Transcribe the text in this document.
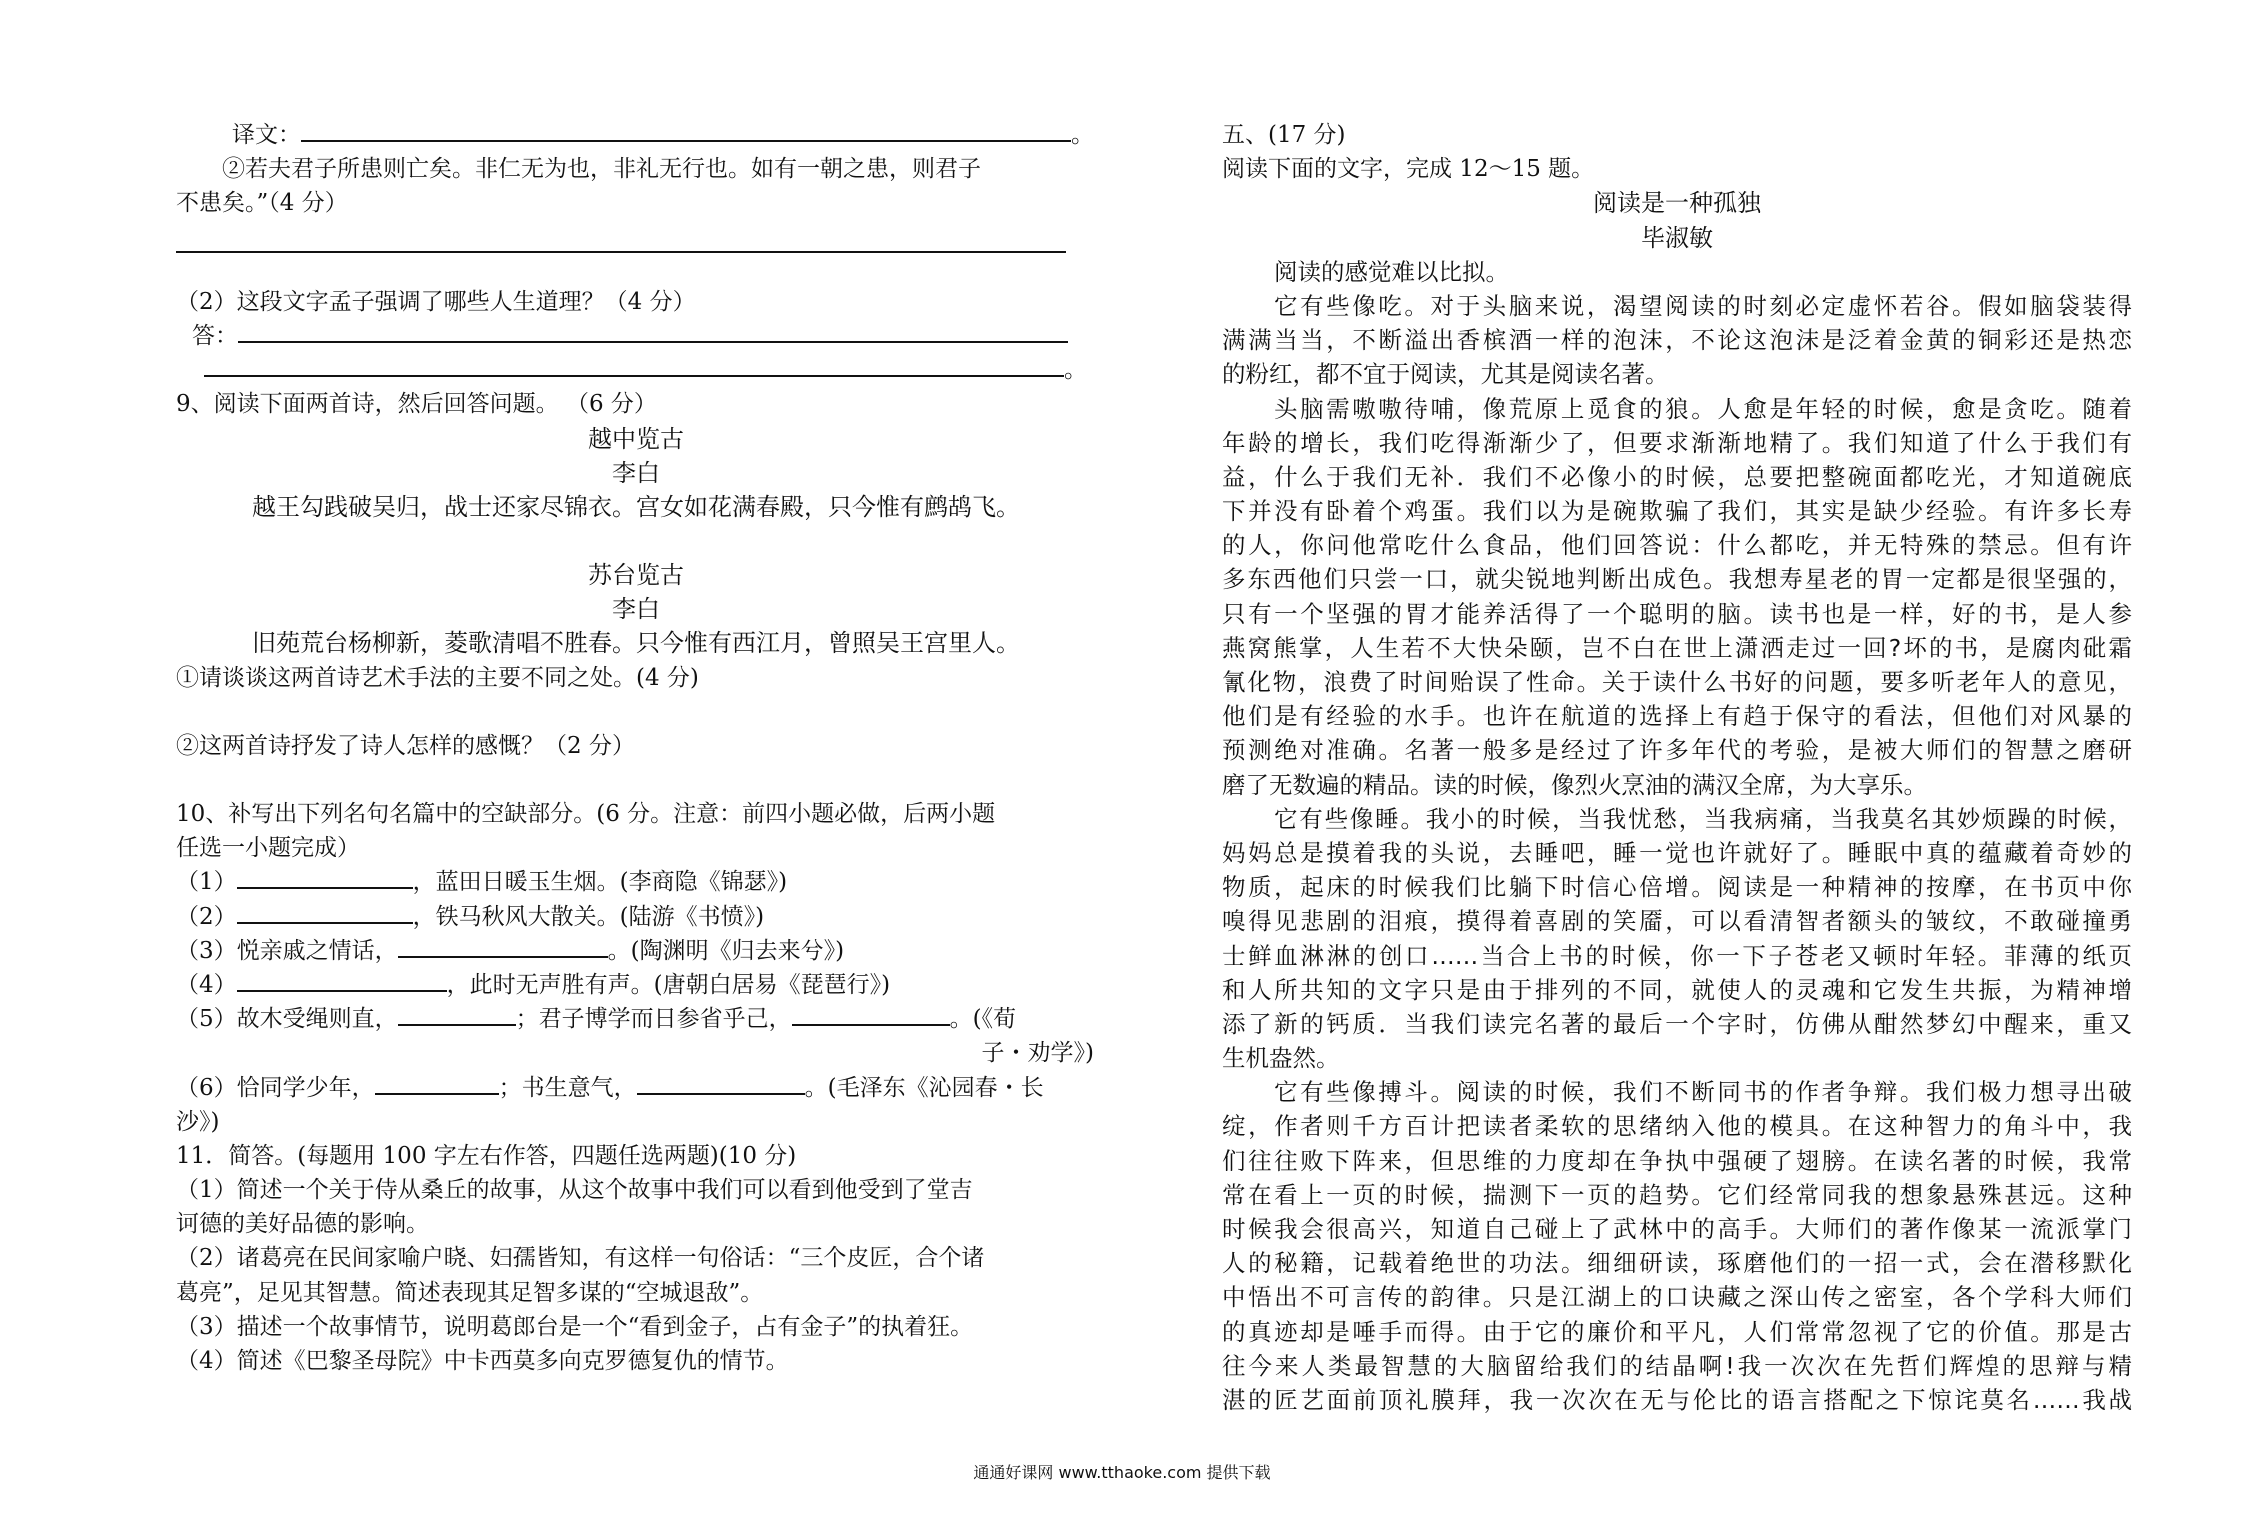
译文：	。
②若夫君子所患则亡矣。非仁无为也，非礼无行也。如有一朝之患，则君子
不患矣。”（4 分）
（2）这段文字孟子强调了哪些人生道理？（4 分）
答：
。
9、阅读下面两首诗，然后回答问题。 （6 分）
越中览古
李白
越王勾践破吴归，战士还家尽锦衣。宫女如花满春殿，只今惟有鹧鸪飞。
苏台览古
李白
旧苑荒台杨柳新，菱歌清唱不胜春。只今惟有西江月，曾照吴王宫里人。
①请谈谈这两首诗艺术手法的主要不同之处。(4 分)
②这两首诗抒发了诗人怎样的感慨？（2 分）
10、补写出下列名句名篇中的空缺部分。(6 分。注意：前四小题必做，后两小题
任选一小题完成）
（1）	，蓝田日暖玉生烟。(李商隐《锦瑟》)
（2）	，铁马秋风大散关。(陆游《书愤》)
（3）悦亲戚之情话，	。(陶渊明《归去来兮》)
（4）	，此时无声胜有声。(唐朝白居易《琵琶行》)
（5）故木受绳则直，	；君子博学而日参省乎己，	。(《荀
子・劝学》)
（6）恰同学少年，	；书生意气，	。(毛泽东《沁园春・长
沙》)
11．简答。(每题用 100 字左右作答，四题任选两题)(10 分)
（1）简述一个关于侍从桑丘的故事，从这个故事中我们可以看到他受到了堂吉
诃德的美好品德的影响。
（2）诸葛亮在民间家喻户晓、妇孺皆知，有这样一句俗话：“三个皮匠，合个诸
葛亮”，足见其智慧。简述表现其足智多谋的“空城退敌”。
（3）描述一个故事情节，说明葛郎台是一个“看到金子，占有金子”的执着狂。
（4）简述《巴黎圣母院》中卡西莫多向克罗德复仇的情节。
五、(17 分)
阅读下面的文字，完成 12～15 题。
阅读是一种孤独
毕淑敏
阅读的感觉难以比拟。
它有些像吃。对于头脑来说，渴望阅读的时刻必定虚怀若谷。假如脑袋装得
满满当当，不断溢出香槟酒一样的泡沫，不论这泡沫是泛着金黄的铜彩还是热恋
的粉红，都不宜于阅读，尤其是阅读名著。
头脑需嗷嗷待哺，像荒原上觅食的狼。人愈是年轻的时候，愈是贪吃。随着
年龄的增长，我们吃得渐渐少了，但要求渐渐地精了。我们知道了什么于我们有
益，什么于我们无补．我们不必像小的时候，总要把整碗面都吃光，才知道碗底
下并没有卧着个鸡蛋。我们以为是碗欺骗了我们，其实是缺少经验。有许多长寿
的人，你问他常吃什么食品，他们回答说：什么都吃，并无特殊的禁忌。但有许
多东西他们只尝一口，就尖锐地判断出成色。我想寿星老的胃一定都是很坚强的，
只有一个坚强的胃才能养活得了一个聪明的脑。读书也是一样，好的书，是人参
燕窝熊掌，人生若不大快朵颐，岂不白在世上潇洒走过一回?坏的书，是腐肉砒霜
氰化物，浪费了时间贻误了性命。关于读什么书好的问题，要多听老年人的意见，
他们是有经验的水手。也许在航道的选择上有趋于保守的看法，但他们对风暴的
预测绝对准确。名著一般多是经过了许多年代的考验，是被大师们的智慧之磨研
磨了无数遍的精品。读的时候，像烈火烹油的满汉全席，为大享乐。
它有些像睡。我小的时候，当我忧愁，当我病痛，当我莫名其妙烦躁的时候，
妈妈总是摸着我的头说，去睡吧，睡一觉也许就好了。睡眠中真的蕴藏着奇妙的
物质，起床的时候我们比躺下时信心倍增。阅读是一种精神的按摩，在书页中你
嗅得见悲剧的泪痕，摸得着喜剧的笑靥，可以看清智者额头的皱纹，不敢碰撞勇
士鲜血淋淋的创口……当合上书的时候，你一下子苍老又顿时年轻。菲薄的纸页
和人所共知的文字只是由于排列的不同，就使人的灵魂和它发生共振，为精神增
添了新的钙质．当我们读完名著的最后一个字时，仿佛从酣然梦幻中醒来，重又
生机盎然。
它有些像搏斗。阅读的时候，我们不断同书的作者争辩。我们极力想寻出破
绽，作者则千方百计把读者柔软的思绪纳入他的模具。在这种智力的角斗中，我
们往往败下阵来，但思维的力度却在争执中强硬了翅膀。在读名著的时候，我常
常在看上一页的时候，揣测下一页的趋势。它们经常同我的想象悬殊甚远。这种
时候我会很高兴，知道自己碰上了武林中的高手。大师们的著作像某一流派掌门
人的秘籍，记载着绝世的功法。细细研读，琢磨他们的一招一式，会在潜移默化
中悟出不可言传的韵律。只是江湖上的口诀藏之深山传之密室，各个学科大师们
的真迹却是唾手而得。由于它的廉价和平凡，人们常常忽视了它的价值。那是古
往今来人类最智慧的大脑留给我们的结晶啊!我一次次在先哲们辉煌的思辩与精
湛的匠艺面前顶礼膜拜，我一次次在无与伦比的语言搭配之下惊诧莫名……我战
通通好课网 www.tthaoke.com 提供下载
